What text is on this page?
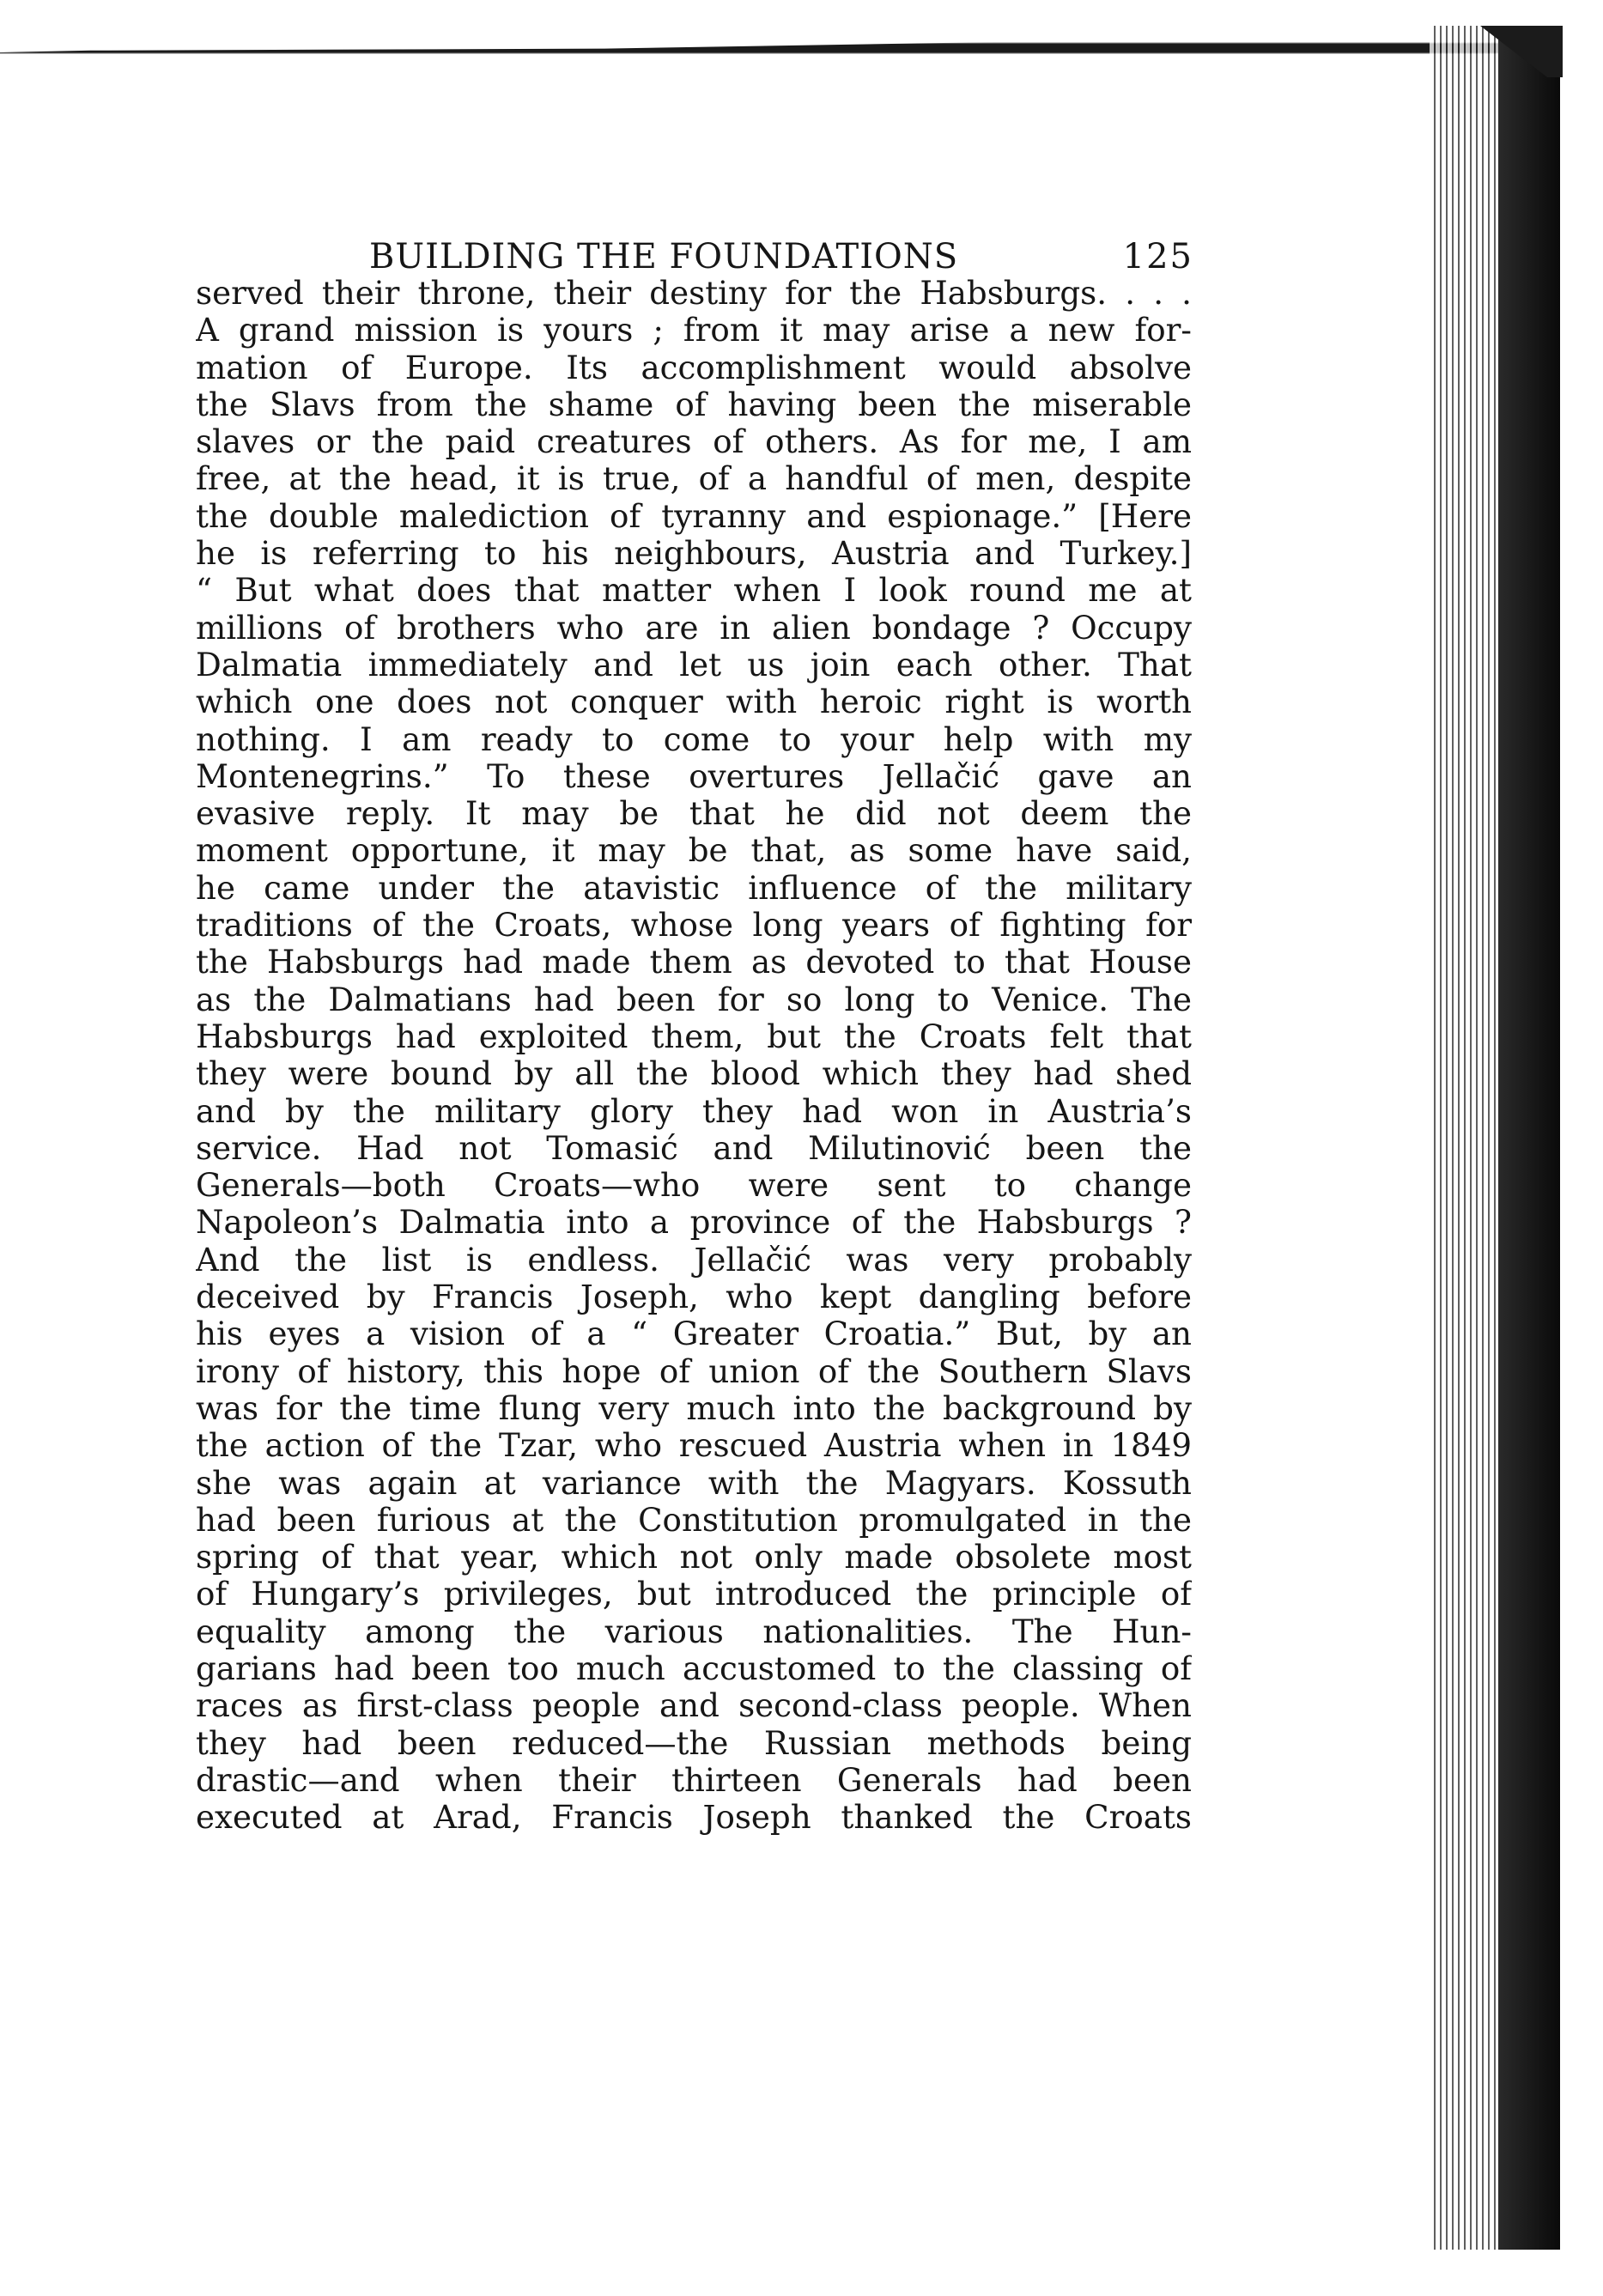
BUILDING THE FOUNDATIONS	125
served their throne, their destiny for the Habsburgs. . . .
A grand mission is yours ; from it may arise a new for-
mation of Europe. Its accomplishment would absolve
the Slavs from the shame of having been the miserable
slaves or the paid creatures of others. As for me, I am
free, at the head, it is true, of a handful of men, despite
the double malediction of tyranny and espionage.” [Here
he is referring to his neighbours, Austria and Turkey.]
“ But what does that matter when I look round me at
millions of brothers who are in alien bondage ? Occupy
Dalmatia immediately and let us join each other. That
which one does not conquer with heroic right is worth
nothing. I am ready to come to your help with my
Montenegrins.” To these overtures Jellačić gave an
evasive reply. It may be that he did not deem the
moment opportune, it may be that, as some have said,
he came under the atavistic influence of the military
traditions of the Croats, whose long years of fighting for
the Habsburgs had made them as devoted to that House
as the Dalmatians had been for so long to Venice. The
Habsburgs had exploited them, but the Croats felt that
they were bound by all the blood which they had shed
and by the military glory they had won in Austria’s
service. Had not Tomasić and Milutinović been the
Generals—both Croats—who were sent to change
Napoleon’s Dalmatia into a province of the Habsburgs ?
And the list is endless. Jellačić was very probably
deceived by Francis Joseph, who kept dangling before
his eyes a vision of a “ Greater Croatia.” But, by an
irony of history, this hope of union of the Southern Slavs
was for the time flung very much into the background by
the action of the Tzar, who rescued Austria when in 1849
she was again at variance with the Magyars. Kossuth
had been furious at the Constitution promulgated in the
spring of that year, which not only made obsolete most
of Hungary’s privileges, but introduced the principle of
equality among the various nationalities. The Hun-
garians had been too much accustomed to the classing of
races as first-class people and second-class people. When
they had been reduced—the Russian methods being
drastic—and when their thirteen Generals had been
executed at Arad, Francis Joseph thanked the Croats
